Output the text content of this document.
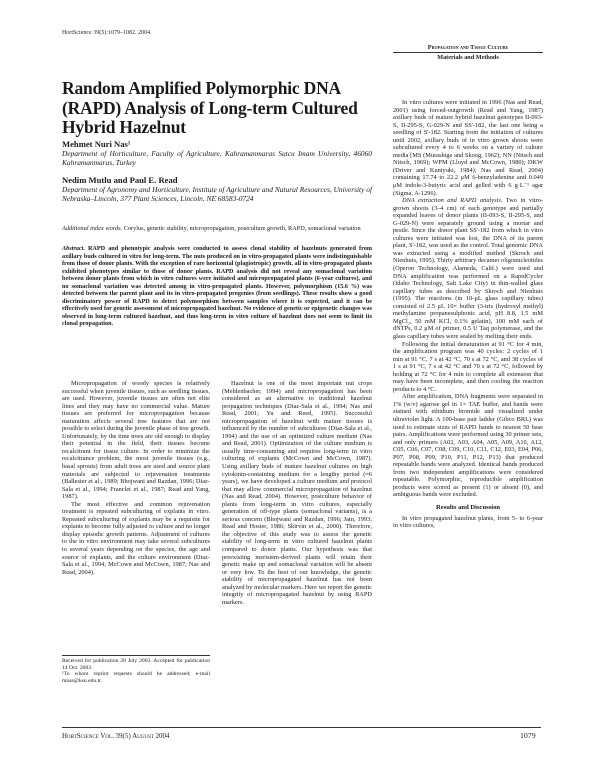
HortScience 39(5):1079–1082. 2004.
Propagation and Tissue Culture
Materials and Methods
Random Amplified Polymorphic DNA (RAPD) Analysis of Long-term Cultured Hybrid Hazelnut
Mehmet Nuri Nas¹
Department of Horticulture, Faculty of Agriculture, Kahramanmaras Sutcu Imam University, 46060 Kahramanmaras, Turkey
Nedim Mutlu and Paul E. Read
Department of Agronomy and Horticulture, Institute of Agriculture and Natural Resources, University of Nebraska–Lincoln, 377 Plant Sciences, Lincoln, NE 68583-0724
Additional index words. Corylus, genetic stability, micropropagation, postculture growth, RAPD, somaclonal variation
Abstract. RAPD and phenotypic analysis were conducted to assess clonal stability of hazelnuts generated from axillary buds cultured in vitro for long-term. The nuts produced on in vitro-propagated plants were indistinguishable from those of donor plants. With the exception of rare horizontal (plagiotropic) growth, all in vitro-propagated plants exhibited phenotypes similar to those of donor plants. RAPD analysis did not reveal any somaclonal variation between donor plants from which in vitro cultures were initiated and micropropagated plants (6-year cultures), and no somaclonal variation was detected among in vitro-propagated plants. However, polymorphism (15.6 %) was detected between the parent plant and its in vitro-propagated progenies (from seedlings). These results show a good discriminatory power of RAPD to detect polymorphism between samples where it is expected, and it can be effectively used for genetic assessment of micropropagated hazelnut. No evidence of genetic or epigenetic changes was observed in long-term cultured hazelnut, and thus long-term in vitro culture of hazelnut does not seem to limit its clonal propagation.

Micropropagation of woody species is relatively successful when juvenile tissues, such as seedling tissues, are used. However, juvenile tissues are often not elite lines and they may have no commercial value. Mature tissues are preferred for micropropagation because maturation affects several tree features that are not possible to select during the juvenile phase of tree growth. Unfortunately, by the time trees are old enough to display their potential in the field, their tissues become recalcitrant for tissue culture. In order to minimize the recalcitrance problem, the most juvenile tissues (e.g., basal sprouts) from adult trees are used and source plant materials are subjected to rejuvenation treatments (Ballester et al., 1989; Bhojwani and Razdan, 1996; Diaz-Sala et al., 1994; Franclet et al., 1987; Read and Yang, 1987).

The most effective and common rejuvenation treatment is repeated subculturing of explants in vitro. Repeated subculturing of explants may be a requisite for explants to become fully adjusted to culture and no longer display episodic growth patterns. Adjustment of cultures to the in vitro environment may take several subcultures to several years depending on the species, the age and source of explants, and the culture environment (Diaz-Sala et al., 1994; McCown and McCown, 1987; Nas and Read, 2004).

Received for publication 28 July 2003. Accepted for publication 14 Oct. 2003.

¹To whom reprint requests should be addressed; e-mail mnas@ksu.edu.tr.

Hazelnut is one of the most important nut crops (Mehlenbacher, 1994) and micropropagation has been considered as an alternative to traditional hazelnut propagation techniques (Diaz-Sala et al., 1994; Nas and Read, 2001; Yu and Reed, 1995). Successful micropropagation of hazelnut with mature tissues is influenced by the number of subcultures (Diaz-Sala et al., 1994) and the use of an optimized culture medium (Nas and Read, 2001). Optimization of the culture medium is usually time-consuming and requires long-term in vitro culturing of explants (McCown and McCown, 1987). Using axillary buds of mature hazelnut cultures on high cytokinin-containing medium for a lengthy period (≈6 years), we have developed a culture medium and protocol that may allow commercial micropropagation of hazelnut (Nas and Read, 2004). However, postculture behavior of plants from long-term in vitro cultures, especially generation of off-type plants (somaclonal variants), is a serious concern (Bhojwani and Razdan, 1996; Jain, 1993; Read and Hosier, 1986; Skirvin et al., 2000). Therefore, the objective of this study was to assess the genetic stability of long-term in vitro cultured hazelnut plants compared to donor plants. Our hypothesis was that preexisting meristem-derived plants will retain their genetic make up and somaclonal variation will be absent or very low. To the best of our knowledge, the genetic stability of micropropagated hazelnut has not been analyzed by molecular markers. Here we report the genetic integrity of micropropagated hazelnut by using RAPD markers.

In vitro cultures were initiated in 1996 (Nas and Read, 2001) using forced-outgrowth (Read and Yang, 1987) axillary buds of mature hybrid hazelnut genotypes II-093-S, II-295-S, G-029-N and SS'-182, the last one being a seedling of S'-182. Starting from the initiation of cultures until 2002, axillary buds of in vitro grown shoots were subcultured every 4 to 6 weeks on a variety of culture media [MS (Murashige and Skoog, 1962); NN (Nitsch and Nitsch, 1969); WPM (Lloyd and McCown, 1980); DKW (Driver and Kuniyuki, 1984); Nas and Read, 2004) containing 17.74 to 22.2 μM 6-benzyladenine and 0.049 μM indole-3-butyric acid and gelled with 6 g·L⁻¹ agar (Sigma, A-1296).

DNA extraction and RAPD analysis. Two in vitro-grown shoots (3–4 cm) of each genotype and partially expanded leaves of donor plants (II-093-S, II-295-S, and G-029-N) were separately ground using a mortar and pestle. Since the donor plant SS'-182 from which in vitro cultures were initiated was lost, the DNA of its parent plant, S'-182, was used as the control. Total genomic DNA was extracted using a modified method (Skroch and Nienhuis, 1995). Thirty arbitrary decamer oligonucleotides (Operon Technology, Alameda, Calif.) were used and DNA amplification was performed on a RapidCycler (Idaho Technology, Salt Lake City) in thin-walled glass capillary tubes as described by Skroch and Nienhuis (1995). The reactions (in 10-μL glass capillary tubes) consisted of 2.5 μL 10× buffer (3-tris (hydroxyl methyl) methylamine propanesulphonic acid, pH 8.8, 1.5 mM MgCl₂, 50 mM KCl, 0.1% gelatin), 100 mM each of dNTPs, 0.2 μM of primer, 0.5 U Taq polymerase, and the glass capillary tubes were sealed by melting their ends.

Following the initial denaturation at 91 °C for 4 min, the amplification program was 40 cycles: 2 cycles of 1 min at 91 °C, 7 s at 42 °C, 70 s at 72 °C, and 38 cycles of 1 s at 91 °C, 7 s at 42 °C and 70 s at 72 °C, followed by holding at 72 °C for 4 min to complete all extension that may have been incomplete, and then cooling the reaction products to 4 °C.

After amplification, DNA fragments were separated in 1% (w/v) agarose gel in 1× TAE buffer, and bands were stained with ethidium bromide and visualized under ultraviolet light. A 100-base pair ladder (Gibco BRL) was used to estimate sizes of RAPD bands to nearest 50 base pairs. Amplifications were performed using 30 primer sets, and only primers (A02, A03, A04, A05, A09, A10, A12, C05, C06, C07, C08, C09, C10, C11, C12, E03, E04, P06, P07, P08, P09, P10, P11, P12, P13) that produced repeatable bands were analyzed. Identical bands produced from two independent amplifications were considered repeatable. Polymorphic, reproducible amplification products were scored as present (1) or absent (0), and ambiguous bands were excluded.

Results and Discussion

In vitro propagated hazelnut plants, from 5- to 6-year in vitro cultures,

HortScience Vol. 39(5) August 2004	1079
